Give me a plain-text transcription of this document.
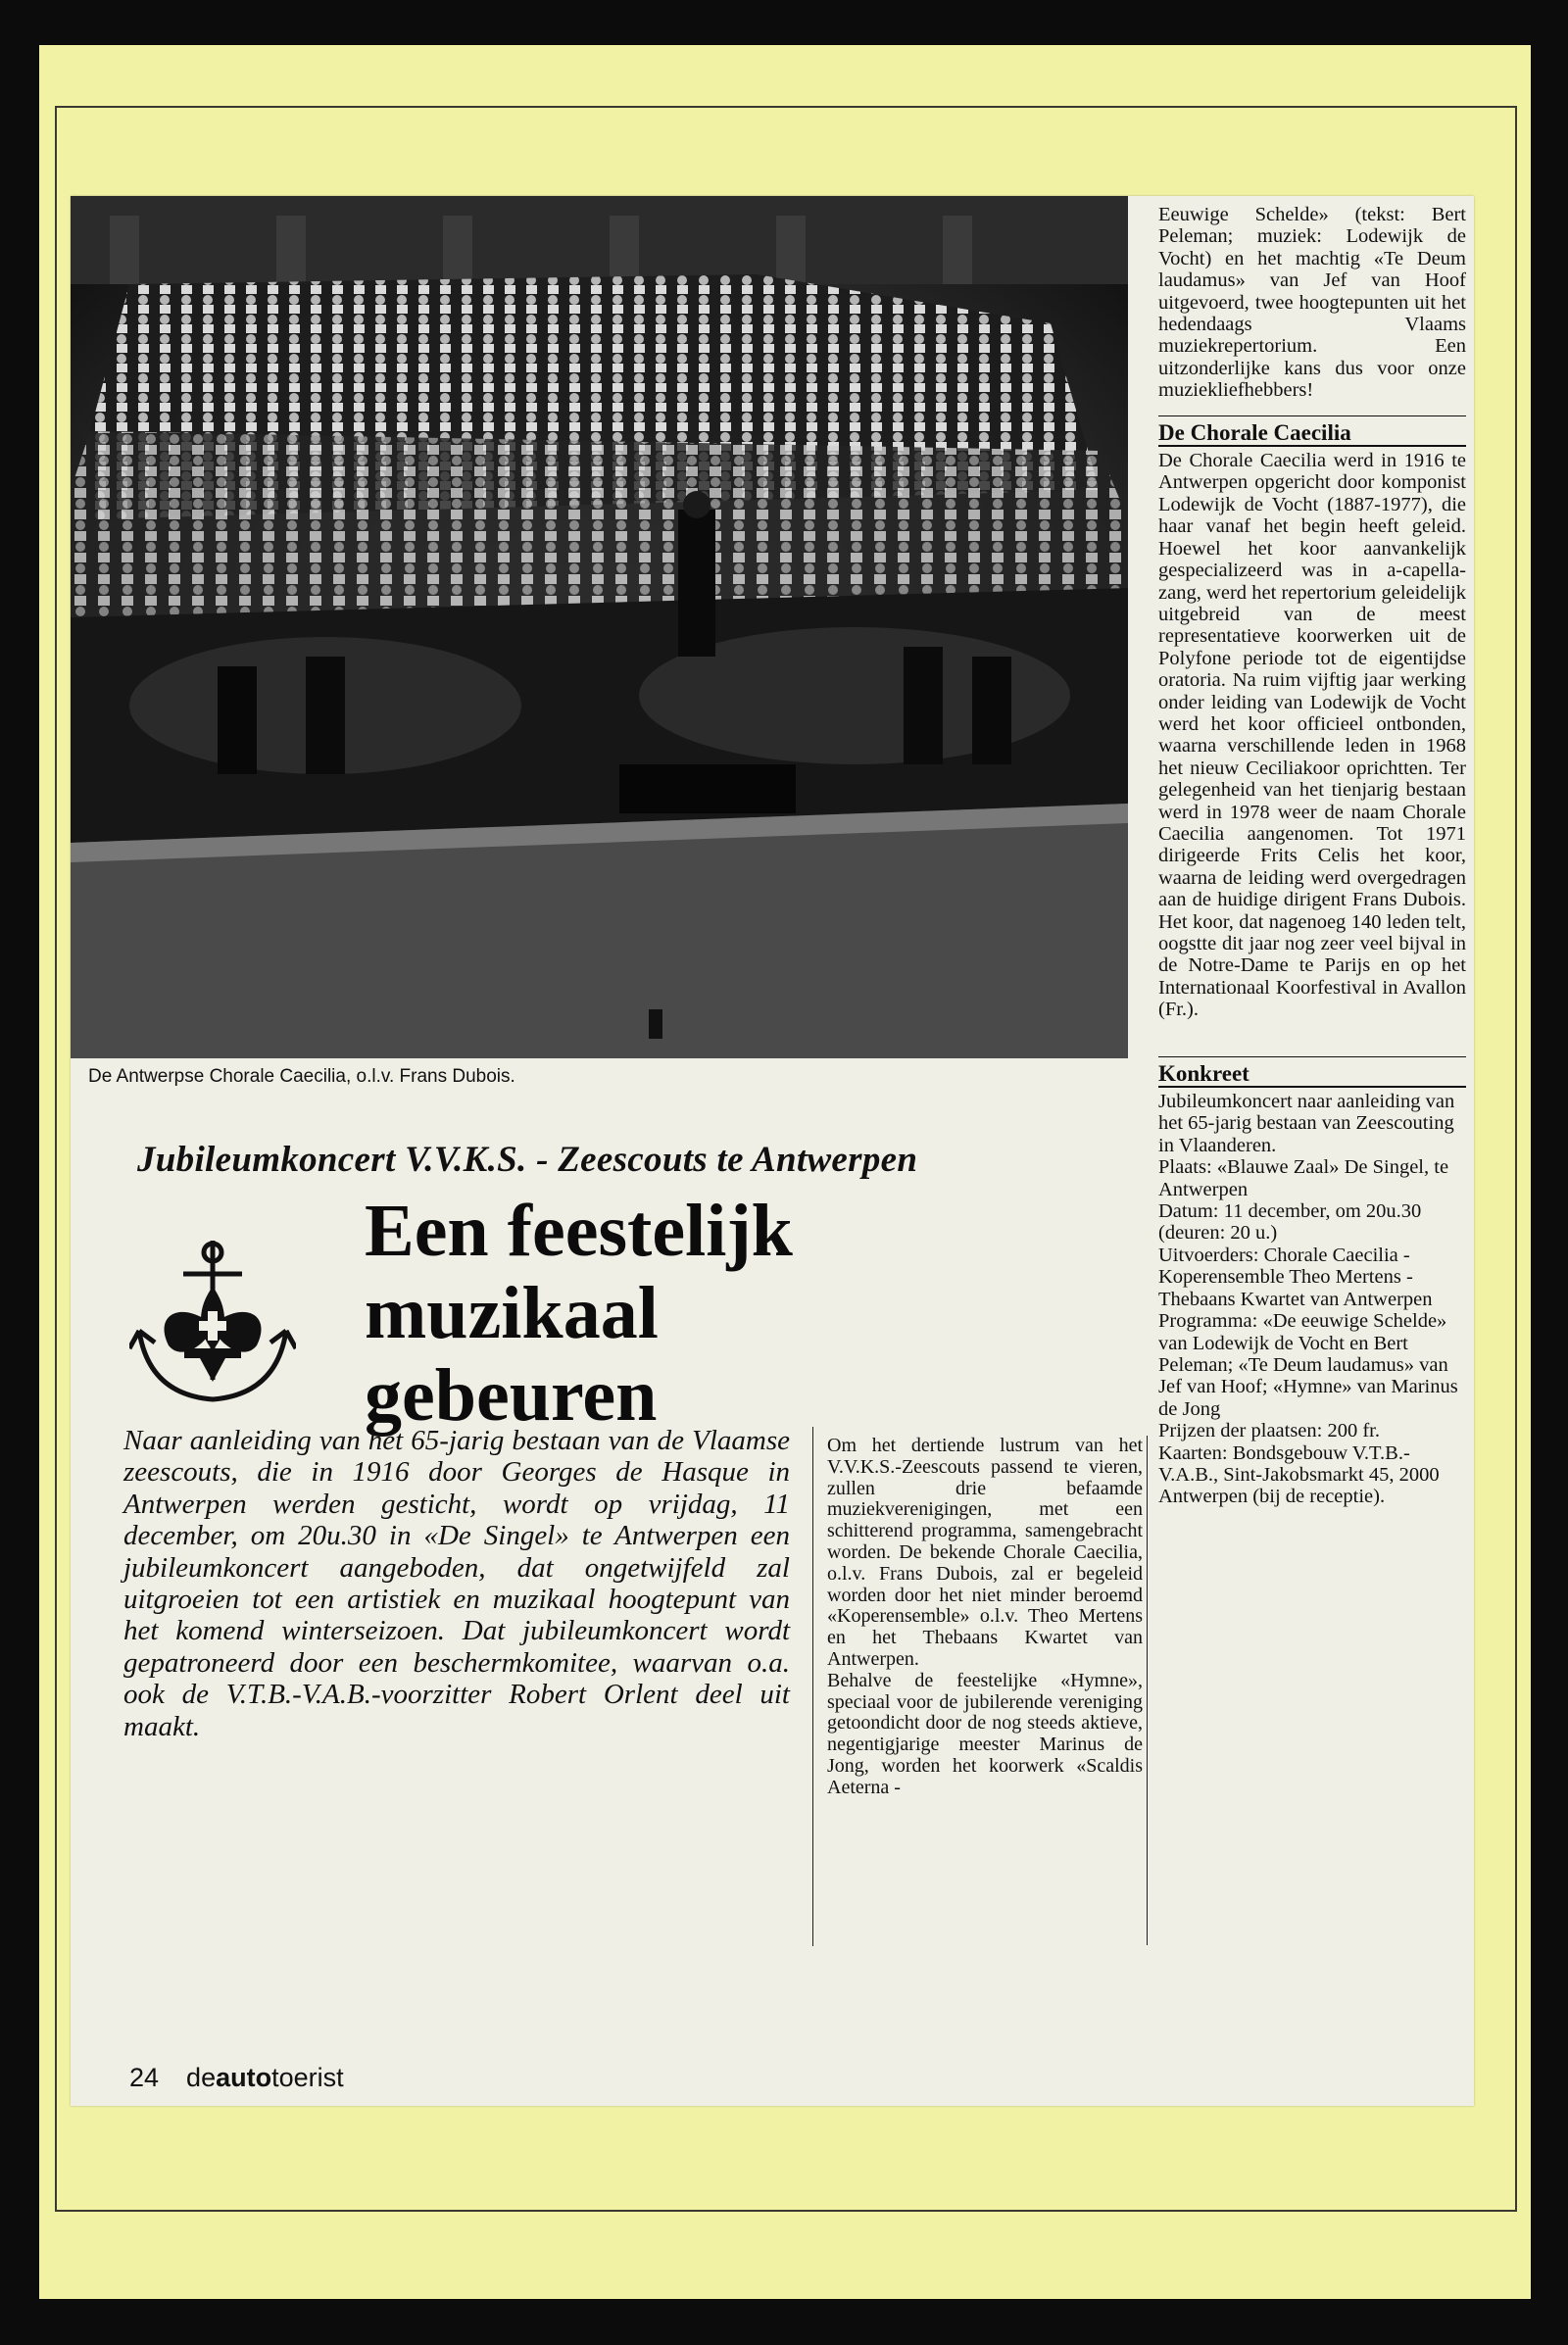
De Antwerpse Chorale Caecilia, o.l.v. Frans Dubois.
Jubileumkoncert V.V.K.S. - Zeescouts te Antwerpen
Een feestelijk
muzikaal
gebeuren
Naar aanleiding van het 65-jarig bestaan van de Vlaamse zeescouts, die in 1916 door Georges de Hasque in Antwerpen werden gesticht, wordt op vrijdag, 11 december, om 20u.30 in «De Singel» te Antwerpen een jubileumkoncert aangeboden, dat ongetwijfeld zal uitgroeien tot een artistiek en muzikaal hoogtepunt van het komend winterseizoen. Dat jubileumkoncert wordt gepatroneerd door een beschermkomitee, waarvan o.a. ook de V.T.B.-V.A.B.-voorzitter Robert Orlent deel uit maakt.

Om het dertiende lustrum van het V.V.K.S.-Zeescouts passend te vieren, zullen drie befaamde muziekverenigingen, met een schitterend programma, samengebracht worden. De bekende Chorale Caecilia, o.l.v. Frans Dubois, zal er begeleid worden door het niet minder beroemd «Koperensemble» o.l.v. Theo Mertens en het Thebaans Kwartet van Antwerpen.

Behalve de feestelijke «Hymne», speciaal voor de jubilerende vereniging getoondicht door de nog steeds aktieve, negentigjarige meester Marinus de Jong, worden het koorwerk «Scaldis Aeterna -

Eeuwige Schelde» (tekst: Bert Peleman; muziek: Lodewijk de Vocht) en het machtig «Te Deum laudamus» van Jef van Hoof uitgevoerd, twee hoogtepunten uit het hedendaags Vlaams muziekrepertorium. Een uitzonderlijke kans dus voor onze muziekliefhebbers!

De Chorale Caecilia

De Chorale Caecilia werd in 1916 te Antwerpen opgericht door komponist Lodewijk de Vocht (1887-1977), die haar vanaf het begin heeft geleid. Hoewel het koor aanvankelijk gespecializeerd was in a-capella-zang, werd het repertorium geleidelijk uitgebreid van de meest representatieve koorwerken uit de Polyfone periode tot de eigentijdse oratoria. Na ruim vijftig jaar werking onder leiding van Lodewijk de Vocht werd het koor officieel ontbonden, waarna verschillende leden in 1968 het nieuw Ceciliakoor oprichtten. Ter gelegenheid van het tienjarig bestaan werd in 1978 weer de naam Chorale Caecilia aangenomen. Tot 1971 dirigeerde Frits Celis het koor, waarna de leiding werd overgedragen aan de huidige dirigent Frans Dubois. Het koor, dat nagenoeg 140 leden telt, oogstte dit jaar nog zeer veel bijval in de Notre-Dame te Parijs en op het Internationaal Koorfestival in Avallon (Fr.).

Konkreet

Jubileumkoncert naar aanleiding van het 65-jarig bestaan van Zeescouting in Vlaanderen.

Plaats: «Blauwe Zaal» De Singel, te Antwerpen

Datum: 11 december, om 20u.30 (deuren: 20 u.)

Uitvoerders: Chorale Caecilia - Koperensemble Theo Mertens - Thebaans Kwartet van Antwerpen

Programma: «De eeuwige Schelde» van Lodewijk de Vocht en Bert Peleman; «Te Deum laudamus» van Jef van Hoof; «Hymne» van Marinus de Jong

Prijzen der plaatsen: 200 fr.

Kaarten: Bondsgebouw V.T.B.-V.A.B., Sint-Jakobsmarkt 45, 2000 Antwerpen (bij de receptie).

24 deautotoerist
